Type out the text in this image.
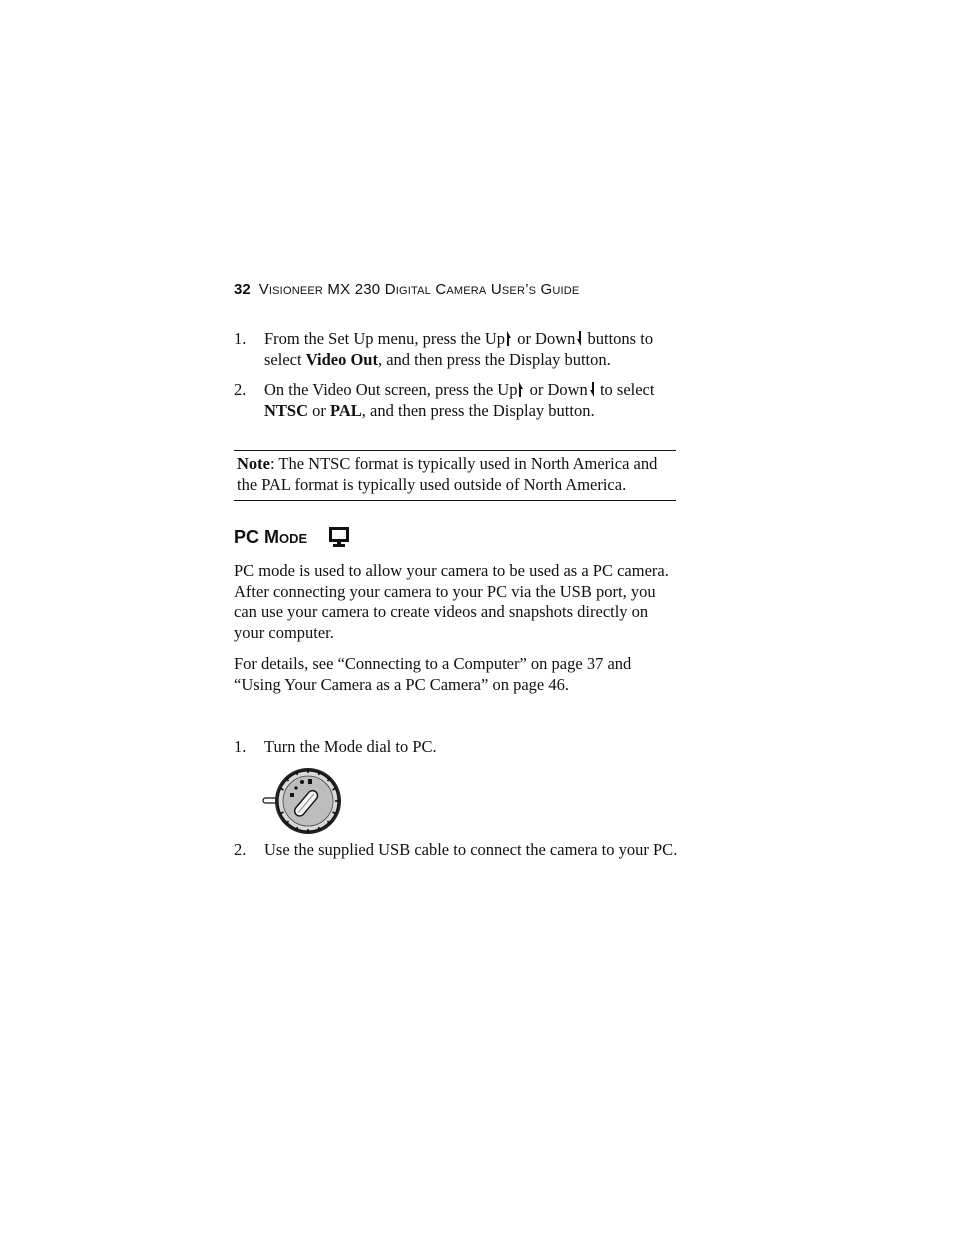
32 Visioneer MX 230 Digital Camera User’s Guide
1. From the Set Up menu, press the Up or Down buttons to select Video Out, and then press the Display button.
2. On the Video Out screen, press the Up or Down to select
NTSC or PAL, and then press the Display button.
Note: The NTSC format is typically used in North America and the PAL format is typically used outside of North America.
PC Mode
PC mode is used to allow your camera to be used as a PC camera. After connecting your camera to your PC via the USB port, you can use your camera to create videos and snapshots directly on your computer.
For details, see “Connecting to a Computer” on page 37 and “Using Your Camera as a PC Camera” on page 46.
1. Turn the Mode dial to PC.
2. Use the supplied USB cable to connect the camera to your PC.
